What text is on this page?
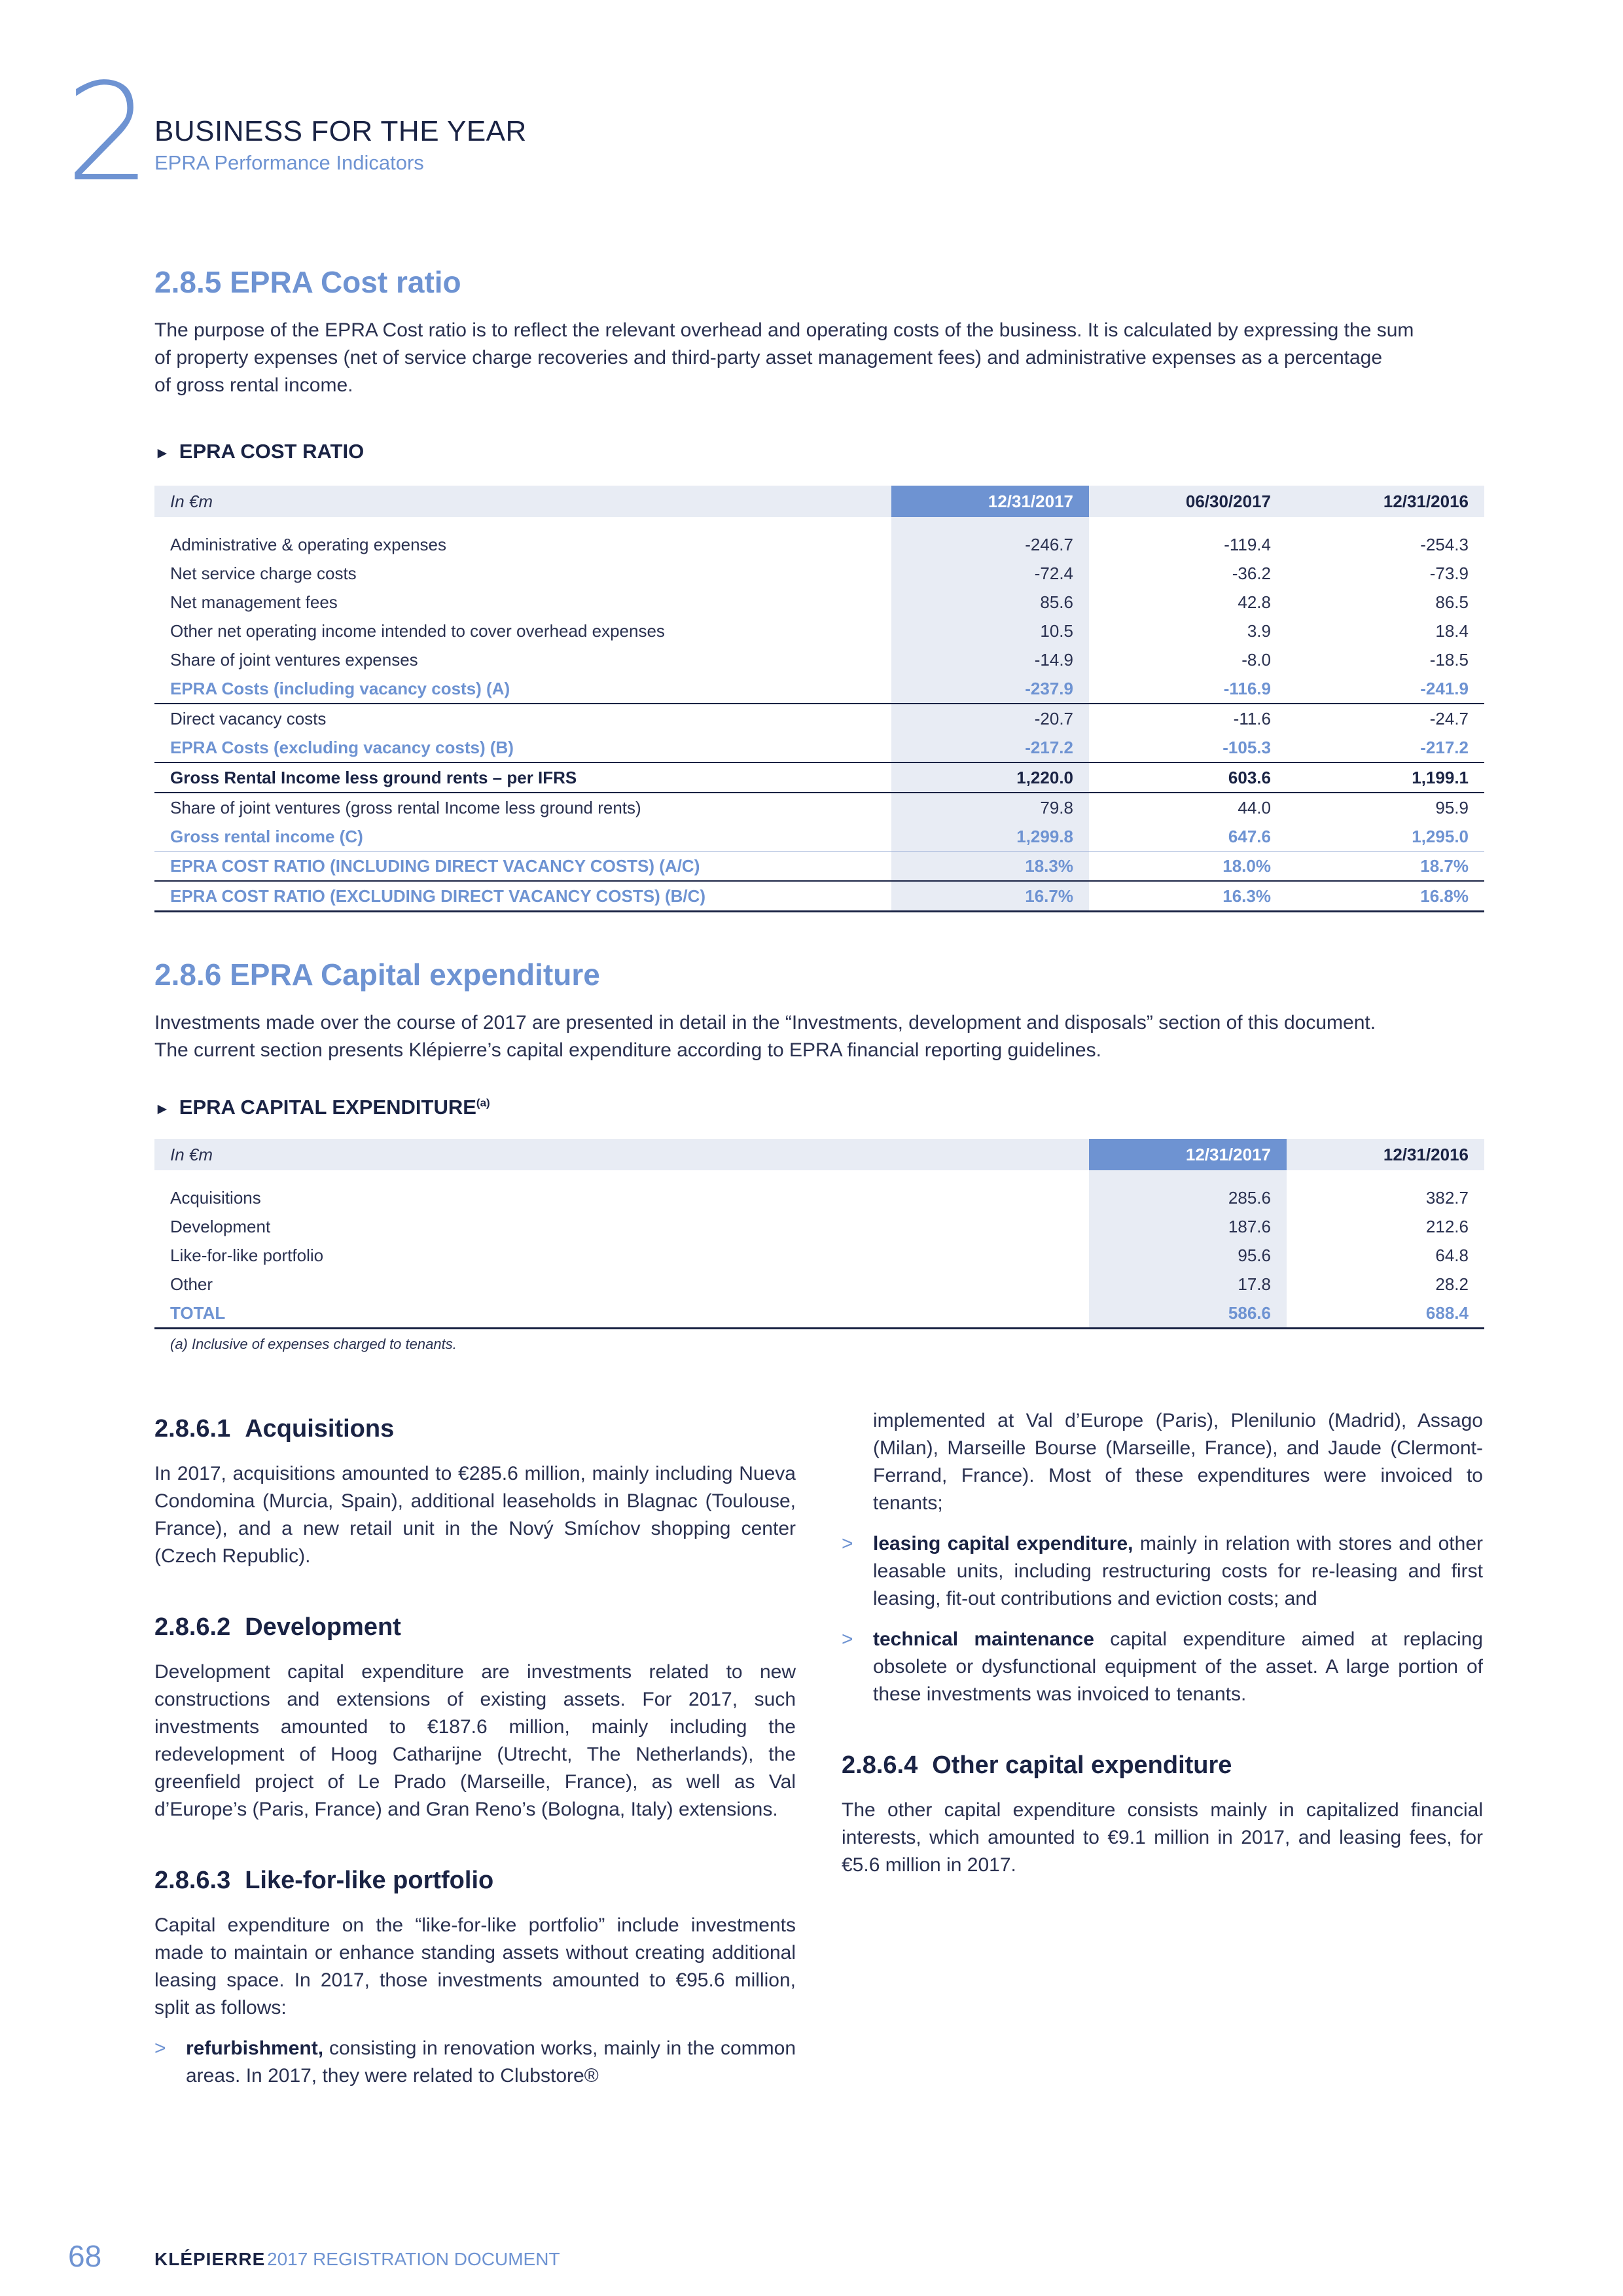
2 BUSINESS FOR THE YEAR
EPRA Performance Indicators
2.8.5 EPRA Cost ratio

The purpose of the EPRA Cost ratio is to reflect the relevant overhead and operating costs of the business. It is calculated by expressing the sum

of property expenses (net of service charge recoveries and third-party asset management fees) and administrative expenses as a percentage

of gross rental income.

► EPRA COST RATIO
In €m	12/31/2017	06/30/2017	12/31/2016

Administrative & operating expenses	-246.7	-119.4	-254.3
Net service charge costs	-72.4	-36.2	-73.9
Net management fees	85.6	42.8	86.5
Other net operating income intended to cover overhead expenses	10.5	3.9	18.4
Share of joint ventures expenses	-14.9	-8.0	-18.5
EPRA Costs (including vacancy costs) (A)	-237.9	-116.9	-241.9
Direct vacancy costs	-20.7	-11.6	-24.7
EPRA Costs (excluding vacancy costs) (B)	-217.2	-105.3	-217.2
Gross Rental Income less ground rents – per IFRS	1,220.0	603.6	1,199.1
Share of joint ventures (gross rental Income less ground rents)	79.8	44.0	95.9
Gross rental income (C)	1,299.8	647.6	1,295.0
EPRA COST RATIO (INCLUDING DIRECT VACANCY COSTS) (A/C)	18.3%	18.0%	18.7%
EPRA COST RATIO (EXCLUDING DIRECT VACANCY COSTS) (B/C)	16.7%	16.3%	16.8%
2.8.6 EPRA Capital expenditure

Investments made over the course of 2017 are presented in detail in the “Investments, development and disposals” section of this document.

The current section presents Klépierre’s capital expenditure according to EPRA financial reporting guidelines.

► EPRA CAPITAL EXPENDITURE$^{(a)}$
In €m	12/31/2017	12/31/2016

Acquisitions	285.6	382.7
Development	187.6	212.6
Like-for-like portfolio	95.6	64.8
Other	17.8	28.2
TOTAL	586.6	688.4
(a) Inclusive of expenses charged to tenants.
2.8.6.1 Acquisitions

In 2017, acquisitions amounted to €285.6 million, mainly including Nueva Condomina (Murcia, Spain), additional leaseholds in Blagnac (Toulouse, France), and a new retail unit in the Nový Smíchov shopping center (Czech Republic).

2.8.6.2 Development

Development capital expenditure are investments related to new constructions and extensions of existing assets. For 2017, such investments amounted to €187.6 million, mainly including the redevelopment of Hoog Catharijne (Utrecht, The Netherlands), the greenfield project of Le Prado (Marseille, France), as well as Val d’Europe’s (Paris, France) and Gran Reno’s (Bologna, Italy) extensions.

2.8.6.3 Like-for-like portfolio

Capital expenditure on the “like-for-like portfolio” include investments made to maintain or enhance standing assets without creating additional leasing space. In 2017, those investments amounted to €95.6 million, split as follows:

> refurbishment, consisting in renovation works, mainly in the common areas. In 2017, they were related to Clubstore®

implemented at Val d’Europe (Paris), Plenilunio (Madrid), Assago (Milan), Marseille Bourse (Marseille, France), and Jaude (Clermont-Ferrand, France). Most of these expenditures were invoiced to tenants;

> leasing capital expenditure, mainly in relation with stores and other leasable units, including restructuring costs for re-leasing and first leasing, fit-out contributions and eviction costs; and
> technical maintenance capital expenditure aimed at replacing obsolete or dysfunctional equipment of the asset. A large portion of these investments was invoiced to tenants.
2.8.6.4 Other capital expenditure

The other capital expenditure consists mainly in capitalized financial interests, which amounted to €9.1 million in 2017, and leasing fees, for €5.6 million in 2017.

68	KLÉPIERRE 2017 REGISTRATION DOCUMENT
